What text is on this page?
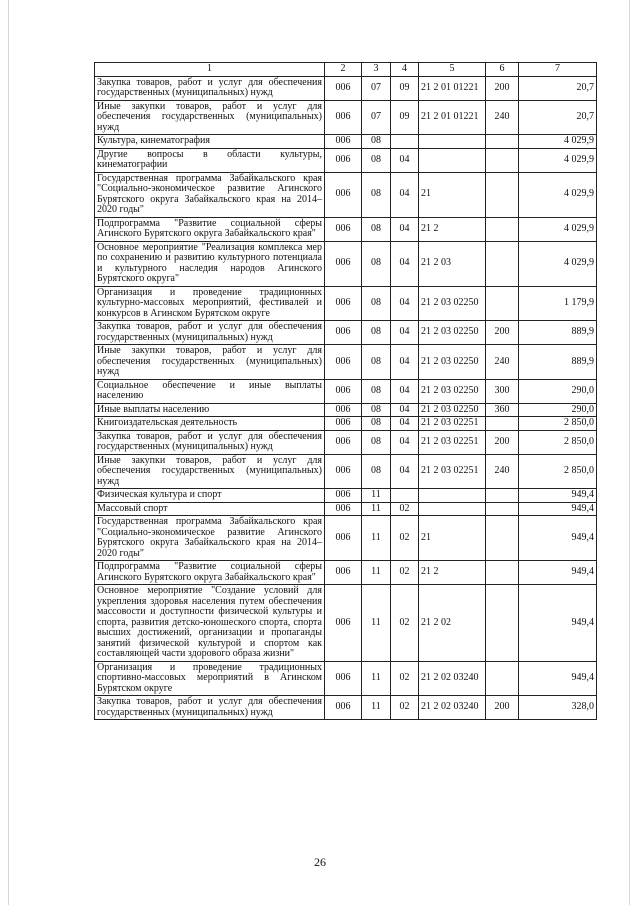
1	2	3	4	5	6	7
Закупка товаров, работ и услуг для обеспечения государственных (муниципальных) нужд	006	07	09	21 2 01 01221	200	20,7
Иные закупки товаров, работ и услуг для обеспечения государственных (муниципальных) нужд	006	07	09	21 2 01 01221	240	20,7
Культура, кинематография	006	08				4 029,9
Другие вопросы в области культуры, кинематографии	006	08	04			4 029,9
Государственная программа Забайкальского края "Социально-экономическое развитие Агинского Бурятского округа Забайкальского края на 2014–2020 годы"	006	08	04	21		4 029,9
Подпрограмма "Развитие социальной сферы Агинского Бурятского округа Забайкальского края"	006	08	04	21 2		4 029,9
Основное мероприятие "Реализация комплекса мер по сохранению и развитию культурного потенциала и культурного наследия народов Агинского Бурятского округа"	006	08	04	21 2 03		4 029,9
Организация и проведение традиционных культурно-массовых мероприятий, фестивалей и конкурсов в Агинском Бурятском округе	006	08	04	21 2 03 02250		1 179,9
Закупка товаров, работ и услуг для обеспечения государственных (муниципальных) нужд	006	08	04	21 2 03 02250	200	889,9
Иные закупки товаров, работ и услуг для обеспечения государственных (муниципальных) нужд	006	08	04	21 2 03 02250	240	889,9
Социальное обеспечение и иные выплаты населению	006	08	04	21 2 03 02250	300	290,0
Иные выплаты населению	006	08	04	21 2 03 02250	360	290,0
Книгоиздательская деятельность	006	08	04	21 2 03 02251		2 850,0
Закупка товаров, работ и услуг для обеспечения государственных (муниципальных) нужд	006	08	04	21 2 03 02251	200	2 850,0
Иные закупки товаров, работ и услуг для обеспечения государственных (муниципальных) нужд	006	08	04	21 2 03 02251	240	2 850,0
Физическая культура и спорт	006	11				949,4
Массовый спорт	006	11	02			949,4
Государственная программа Забайкальского края "Социально-экономическое развитие Агинского Бурятского округа Забайкальского края на 2014–2020 годы"	006	11	02	21		949,4
Подпрограмма "Развитие социальной сферы Агинского Бурятского округа Забайкальского края"	006	11	02	21 2		949,4
Основное мероприятие "Создание условий для укрепления здоровья населения путем обеспечения массовости и доступности физической культуры и спорта, развития детско-юношеского спорта, спорта высших достижений, организации и пропаганды занятий физической культурой и спортом как составляющей части здорового образа жизни"	006	11	02	21 2 02		949,4
Организация и проведение традиционных спортивно-массовых мероприятий в Агинском Бурятском округе	006	11	02	21 2 02 03240		949,4
Закупка товаров, работ и услуг для обеспечения государственных (муниципальных) нужд	006	11	02	21 2 02 03240	200	328,0
26
